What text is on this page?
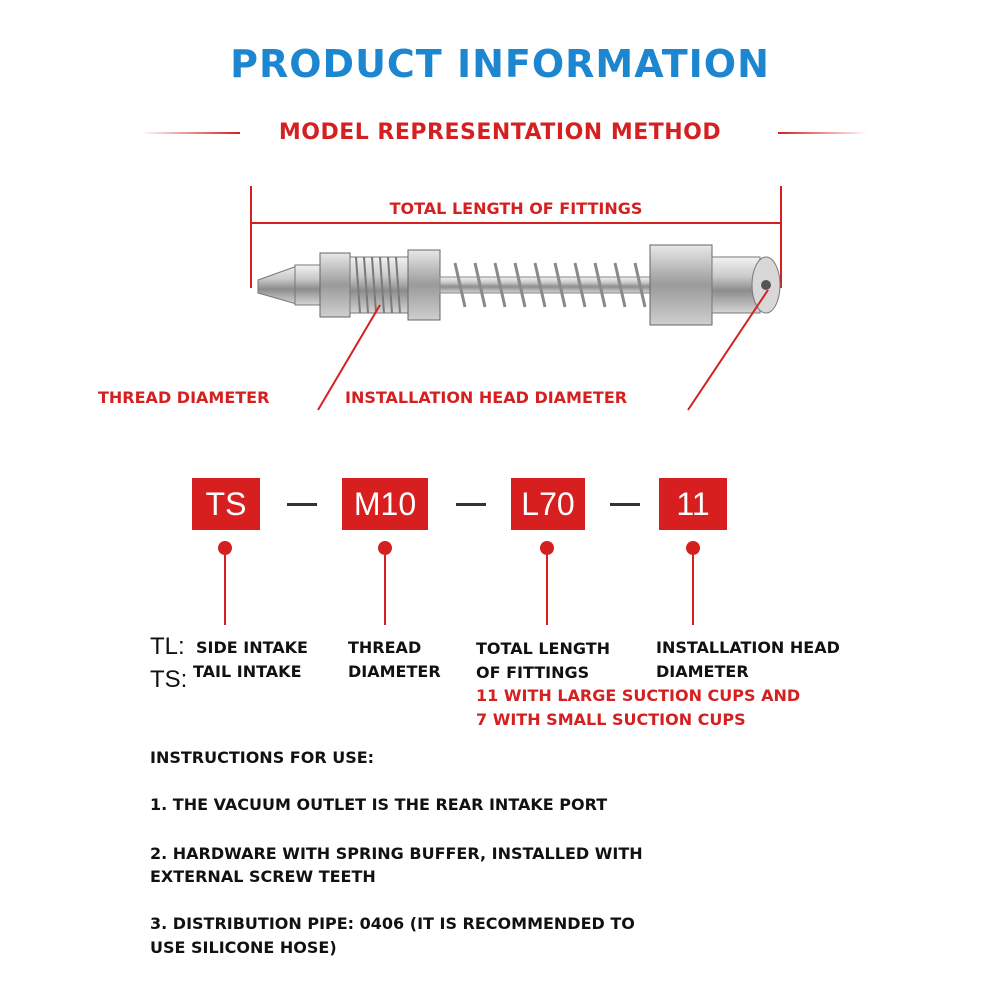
PRODUCT INFORMATION
MODEL REPRESENTATION METHOD
TOTAL LENGTH OF FITTINGS
THREAD DIAMETER	INSTALLATION HEAD DIAMETER
TS	M10	L70	11
TL: SIDE INTAKE
TS: TAIL INTAKE
THREAD
DIAMETER
TOTAL LENGTH
OF FITTINGS
INSTALLATION HEAD
DIAMETER
11 WITH LARGE SUCTION CUPS AND
7 WITH SMALL SUCTION CUPS
INSTRUCTIONS FOR USE:
1. THE VACUUM OUTLET IS THE REAR INTAKE PORT
2. HARDWARE WITH SPRING BUFFER, INSTALLED WITH
EXTERNAL SCREW TEETH
3. DISTRIBUTION PIPE: 0406 (IT IS RECOMMENDED TO
USE SILICONE HOSE)
